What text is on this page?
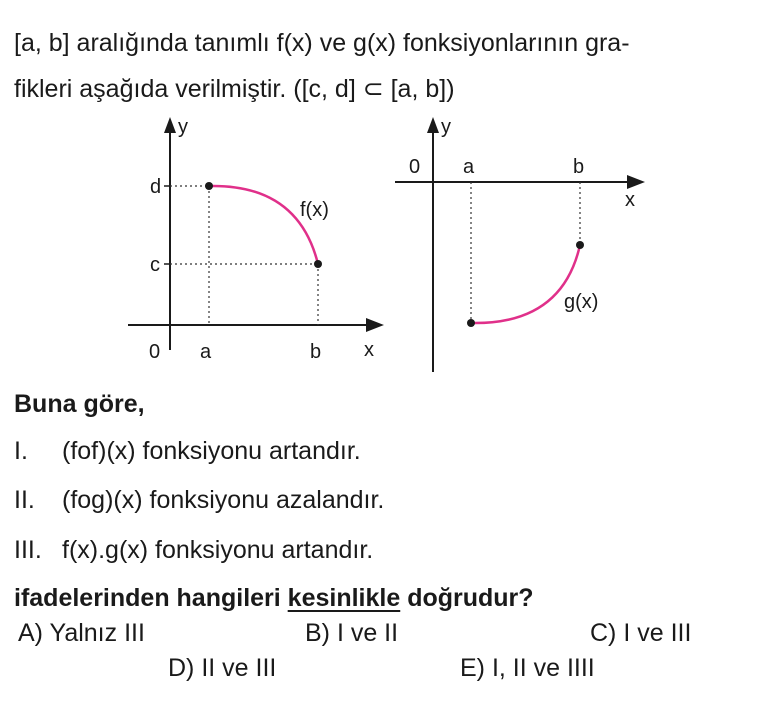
[a, b] aralığında tanımlı f(x) ve g(x) fonksiyonlarının gra-
fikleri aşağıda verilmiştir. ([c, d] ⊂ [a, b])
y
d
c
0 a	b x
f(x)
y
0 a	b
x
g(x)
Buna göre,
I. (fof)(x) fonksiyonu artandır.
II. (fog)(x) fonksiyonu azalandır.
III. f(x).g(x) fonksiyonu artandır.
ifadelerinden hangileri kesinlikle doğrudur?
A) Yalnız III	B) I ve II	C) I ve III
D) II ve III	E) I, II ve IIII
